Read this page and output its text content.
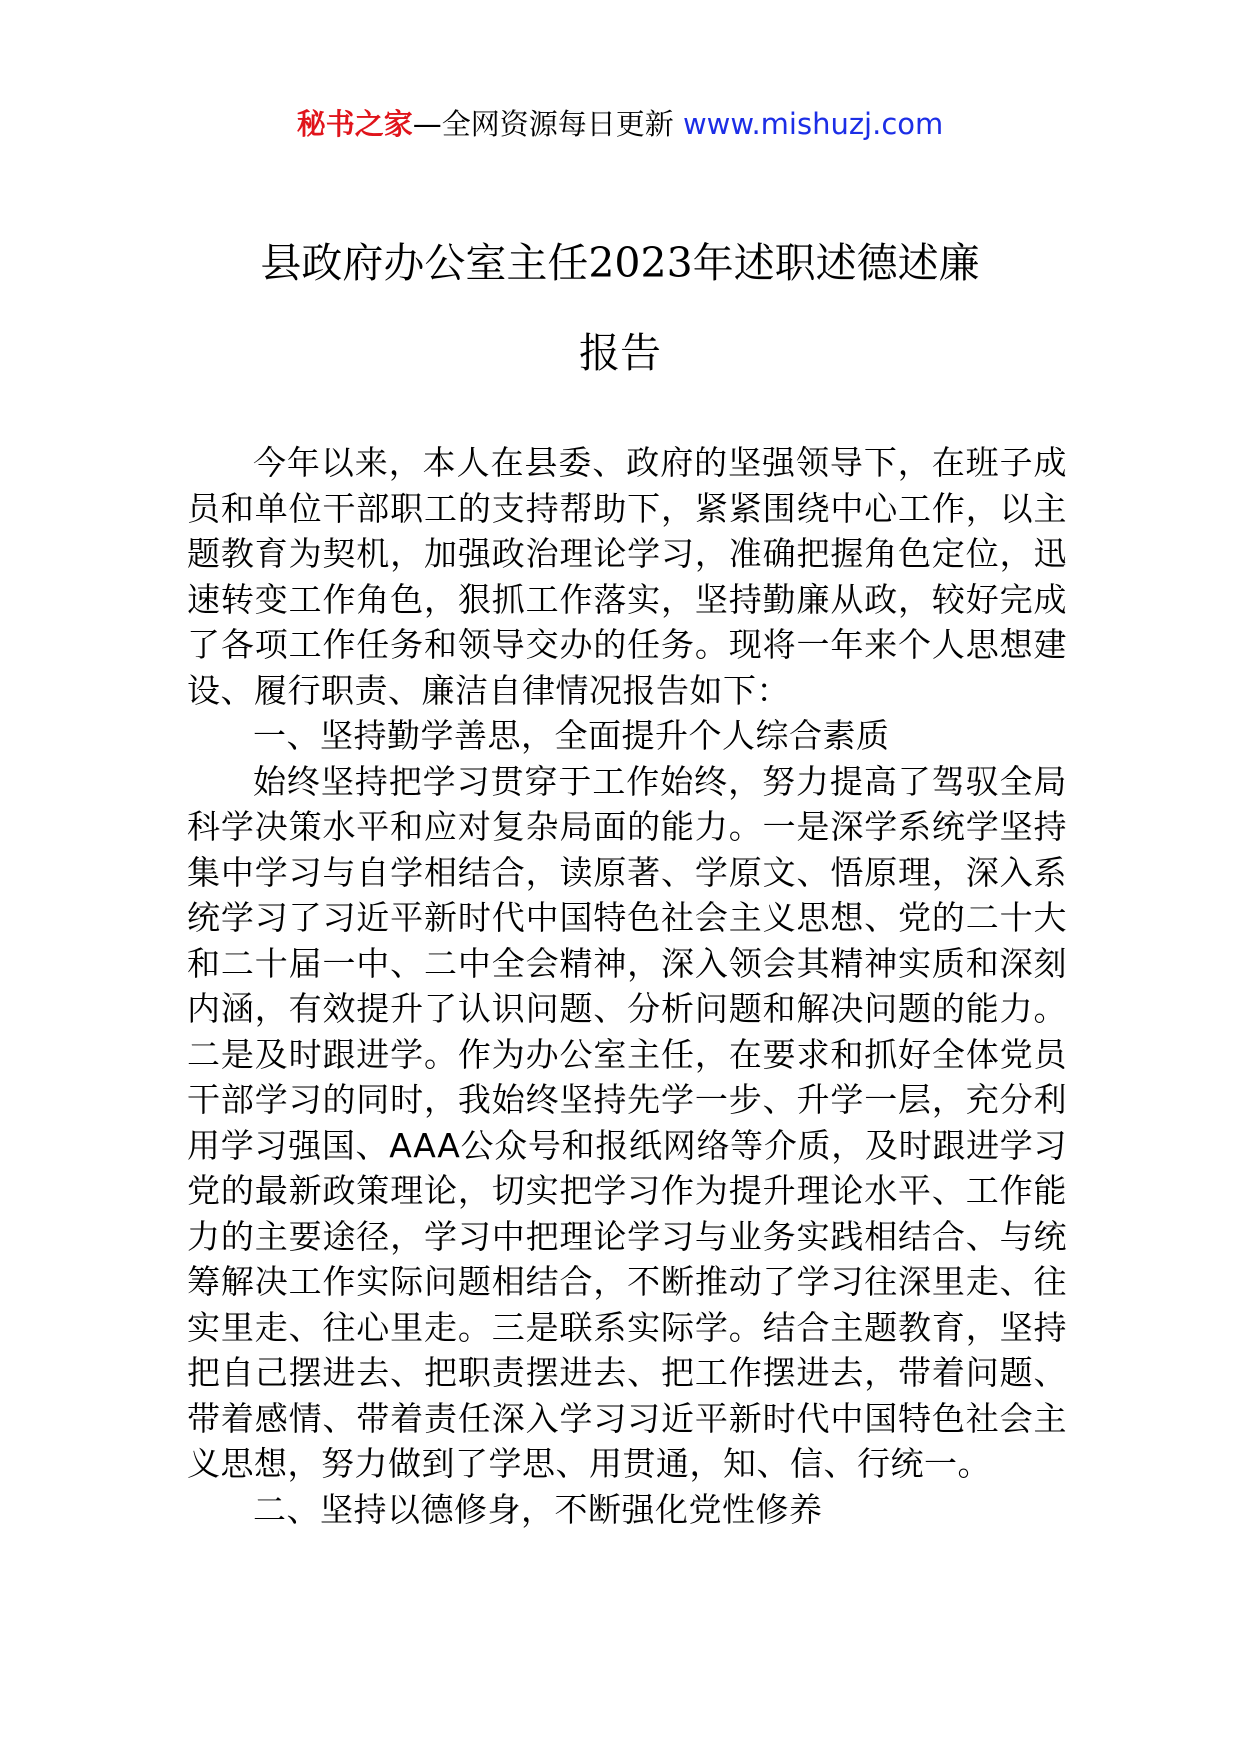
秘书之家—全网资源每日更新 www.mishuzj.com
县政府办公室主任2023年述职述德述廉
报告

今年以来，本人在县委、政府的坚强领导下，在班子成员和单位干部职工的支持帮助下，紧紧围绕中心工作，以主题教育为契机，加强政治理论学习，准确把握角色定位，迅速转变工作角色，狠抓工作落实，坚持勤廉从政，较好完成了各项工作任务和领导交办的任务。现将一年来个人思想建设、履行职责、廉洁自律情况报告如下：

一、坚持勤学善思，全面提升个人综合素质

始终坚持把学习贯穿于工作始终，努力提高了驾驭全局科学决策水平和应对复杂局面的能力。一是深学系统学坚持集中学习与自学相结合，读原著、学原文、悟原理，深入系统学习了习近平新时代中国特色社会主义思想、党的二十大和二十届一中、二中全会精神，深入领会其精神实质和深刻内涵，有效提升了认识问题、分析问题和解决问题的能力。二是及时跟进学。作为办公室主任，在要求和抓好全体党员干部学习的同时，我始终坚持先学一步、升学一层，充分利用学习强国、AAA公众号和报纸网络等介质，及时跟进学习党的最新政策理论，切实把学习作为提升理论水平、工作能力的主要途径，学习中把理论学习与业务实践相结合、与统筹解决工作实际问题相结合，不断推动了学习往深里走、往实里走、往心里走。三是联系实际学。结合主题教育，坚持把自己摆进去、把职责摆进去、把工作摆进去，带着问题、带着感情、带着责任深入学习习近平新时代中国特色社会主义思想，努力做到了学思、用贯通，知、信、行统一。

二、坚持以德修身，不断强化党性修养
